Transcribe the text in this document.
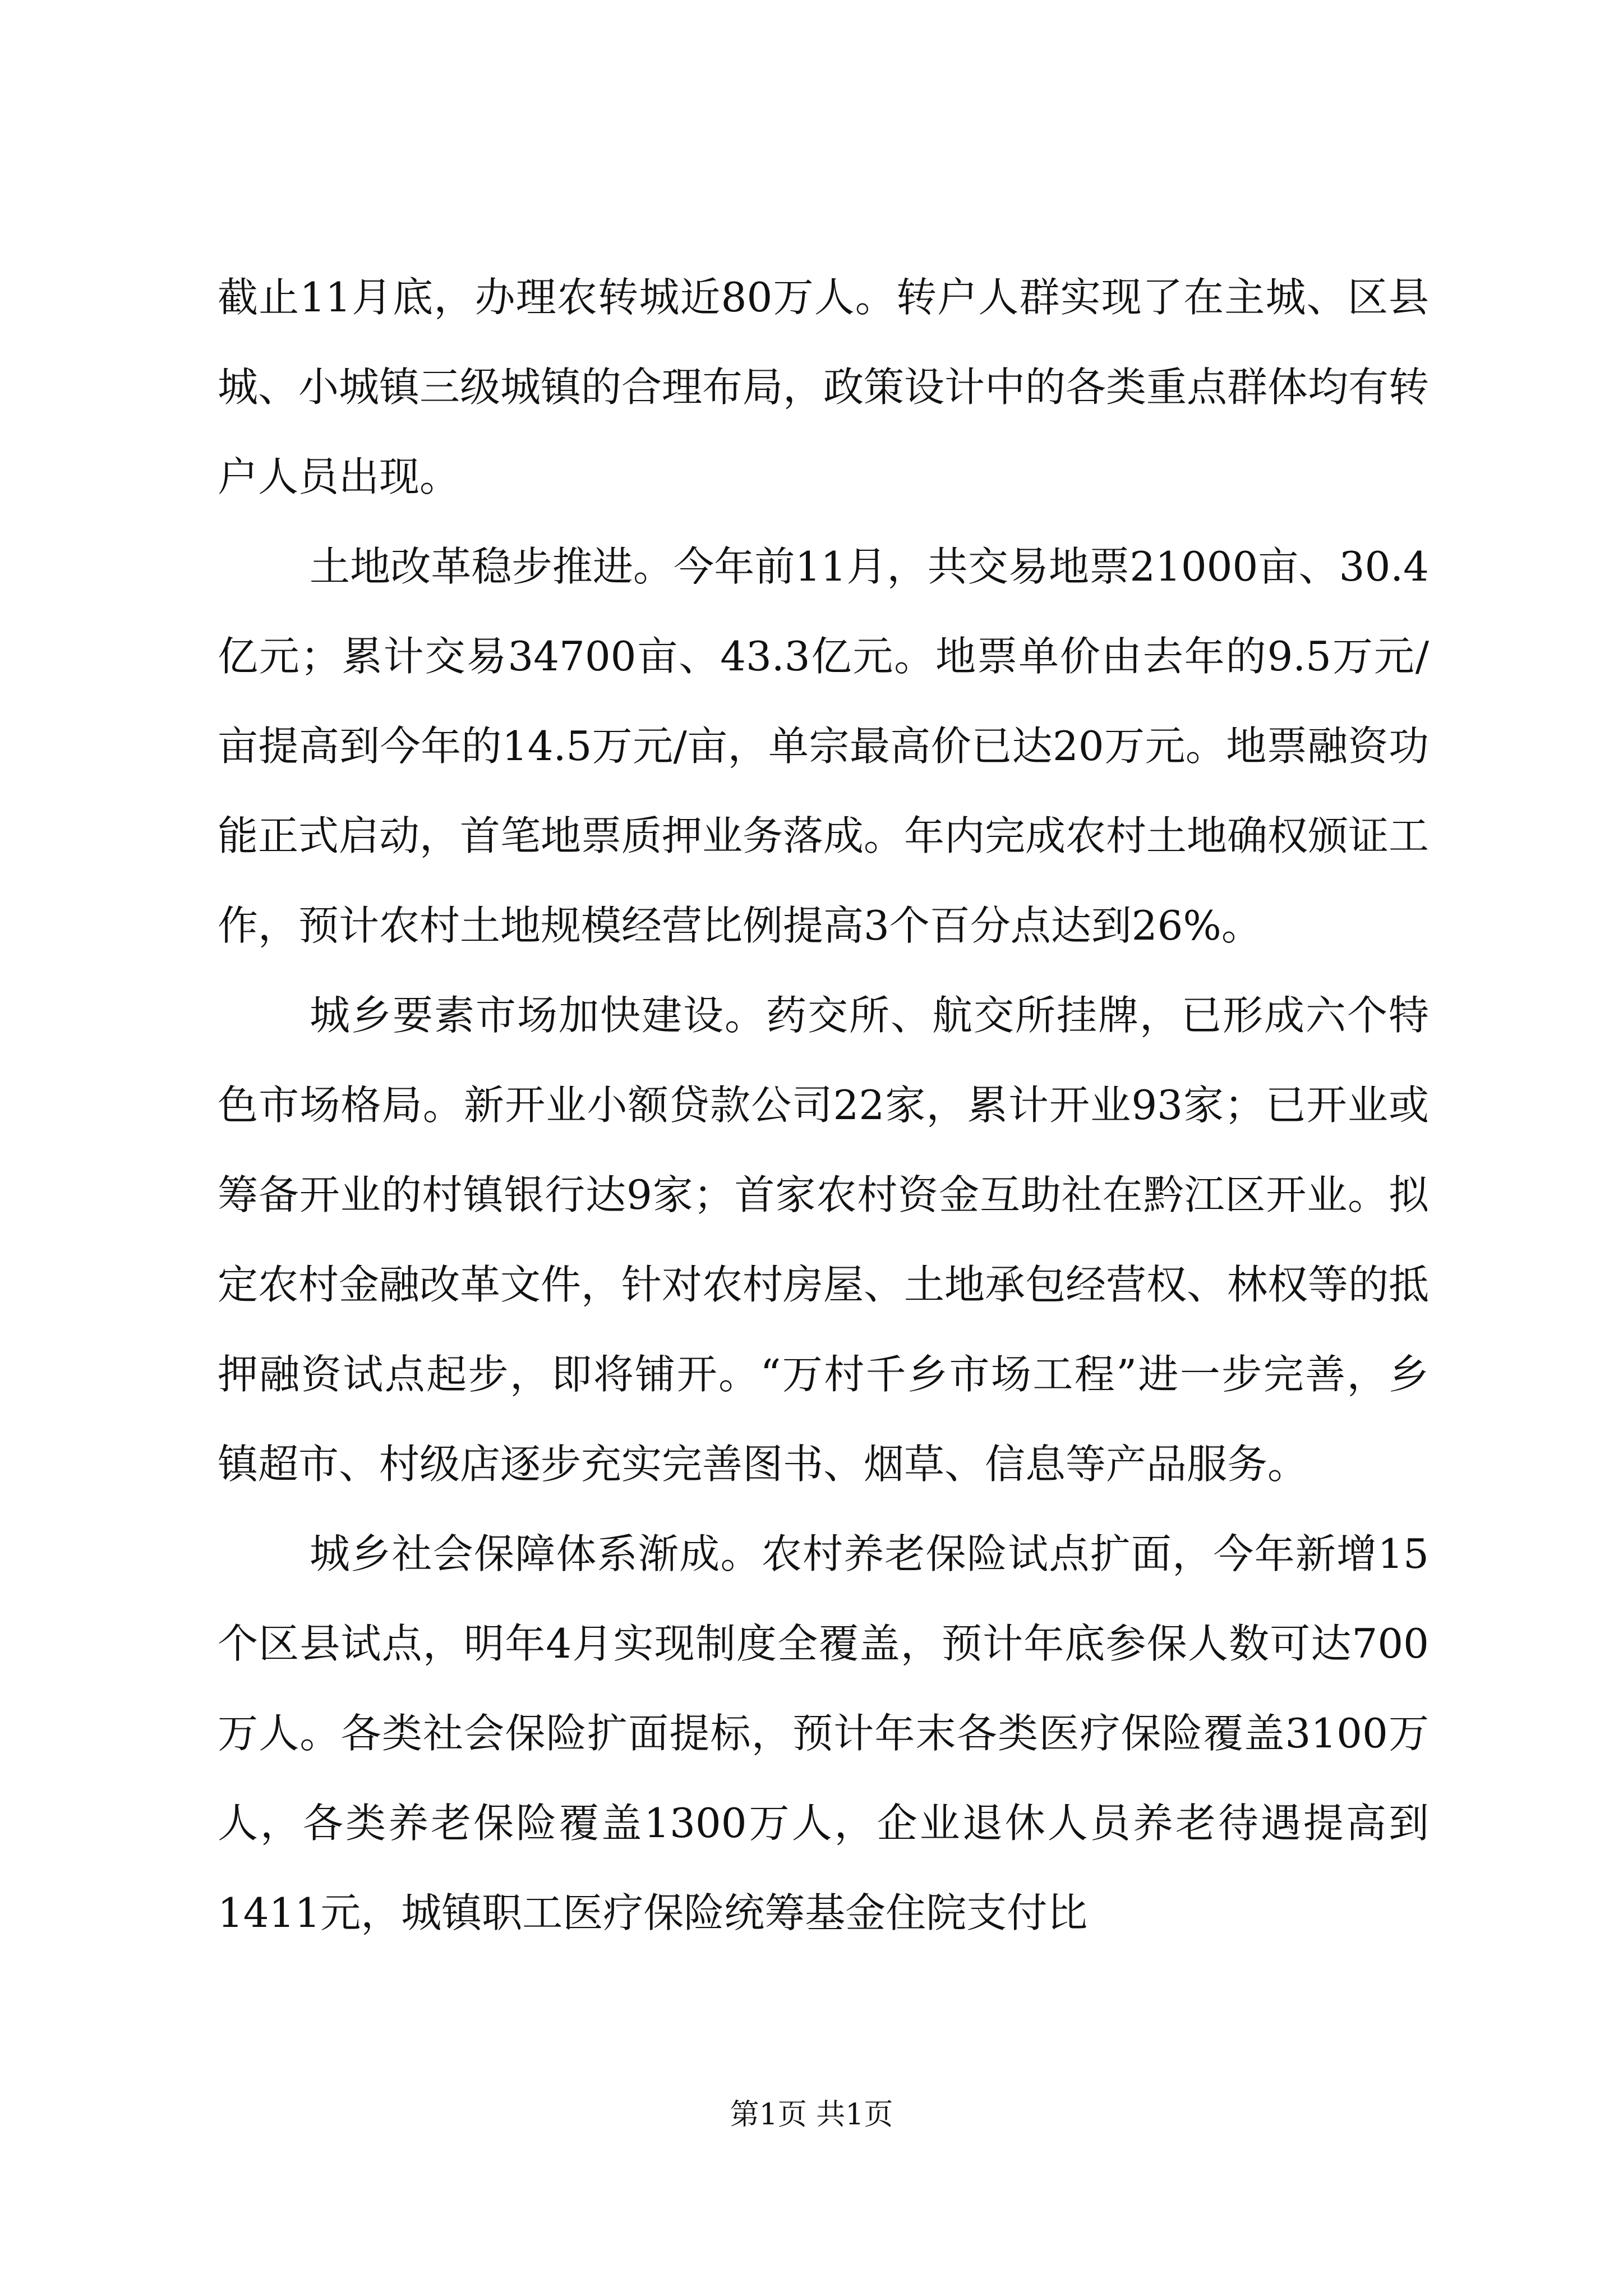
截止11月底，办理农转城近80万人。转户人群实现了在主城、区县城、小城镇三级城镇的合理布局，政策设计中的各类重点群体均有转户人员出现。

土地改革稳步推进。今年前11月，共交易地票21000亩、30.4亿元；累计交易34700亩、43.3亿元。地票单价由去年的9.5万元/亩提高到今年的14.5万元/亩，单宗最高价已达20万元。地票融资功能正式启动，首笔地票质押业务落成。年内完成农村土地确权颁证工作，预计农村土地规模经营比例提高3个百分点达到26%。

城乡要素市场加快建设。药交所、航交所挂牌，已形成六个特色市场格局。新开业小额贷款公司22家，累计开业93家；已开业或筹备开业的村镇银行达9家；首家农村资金互助社在黔江区开业。拟定农村金融改革文件，针对农村房屋、土地承包经营权、林权等的抵押融资试点起步，即将铺开。“万村千乡市场工程”进一步完善，乡镇超市、村级店逐步充实完善图书、烟草、信息等产品服务。

城乡社会保障体系渐成。农村养老保险试点扩面，今年新增15个区县试点，明年4月实现制度全覆盖，预计年底参保人数可达700万人。各类社会保险扩面提标，预计年末各类医疗保险覆盖3100万人，各类养老保险覆盖1300万人，企业退休人员养老待遇提高到1411元，城镇职工医疗保险统筹基金住院支付比

第1页 共1页
